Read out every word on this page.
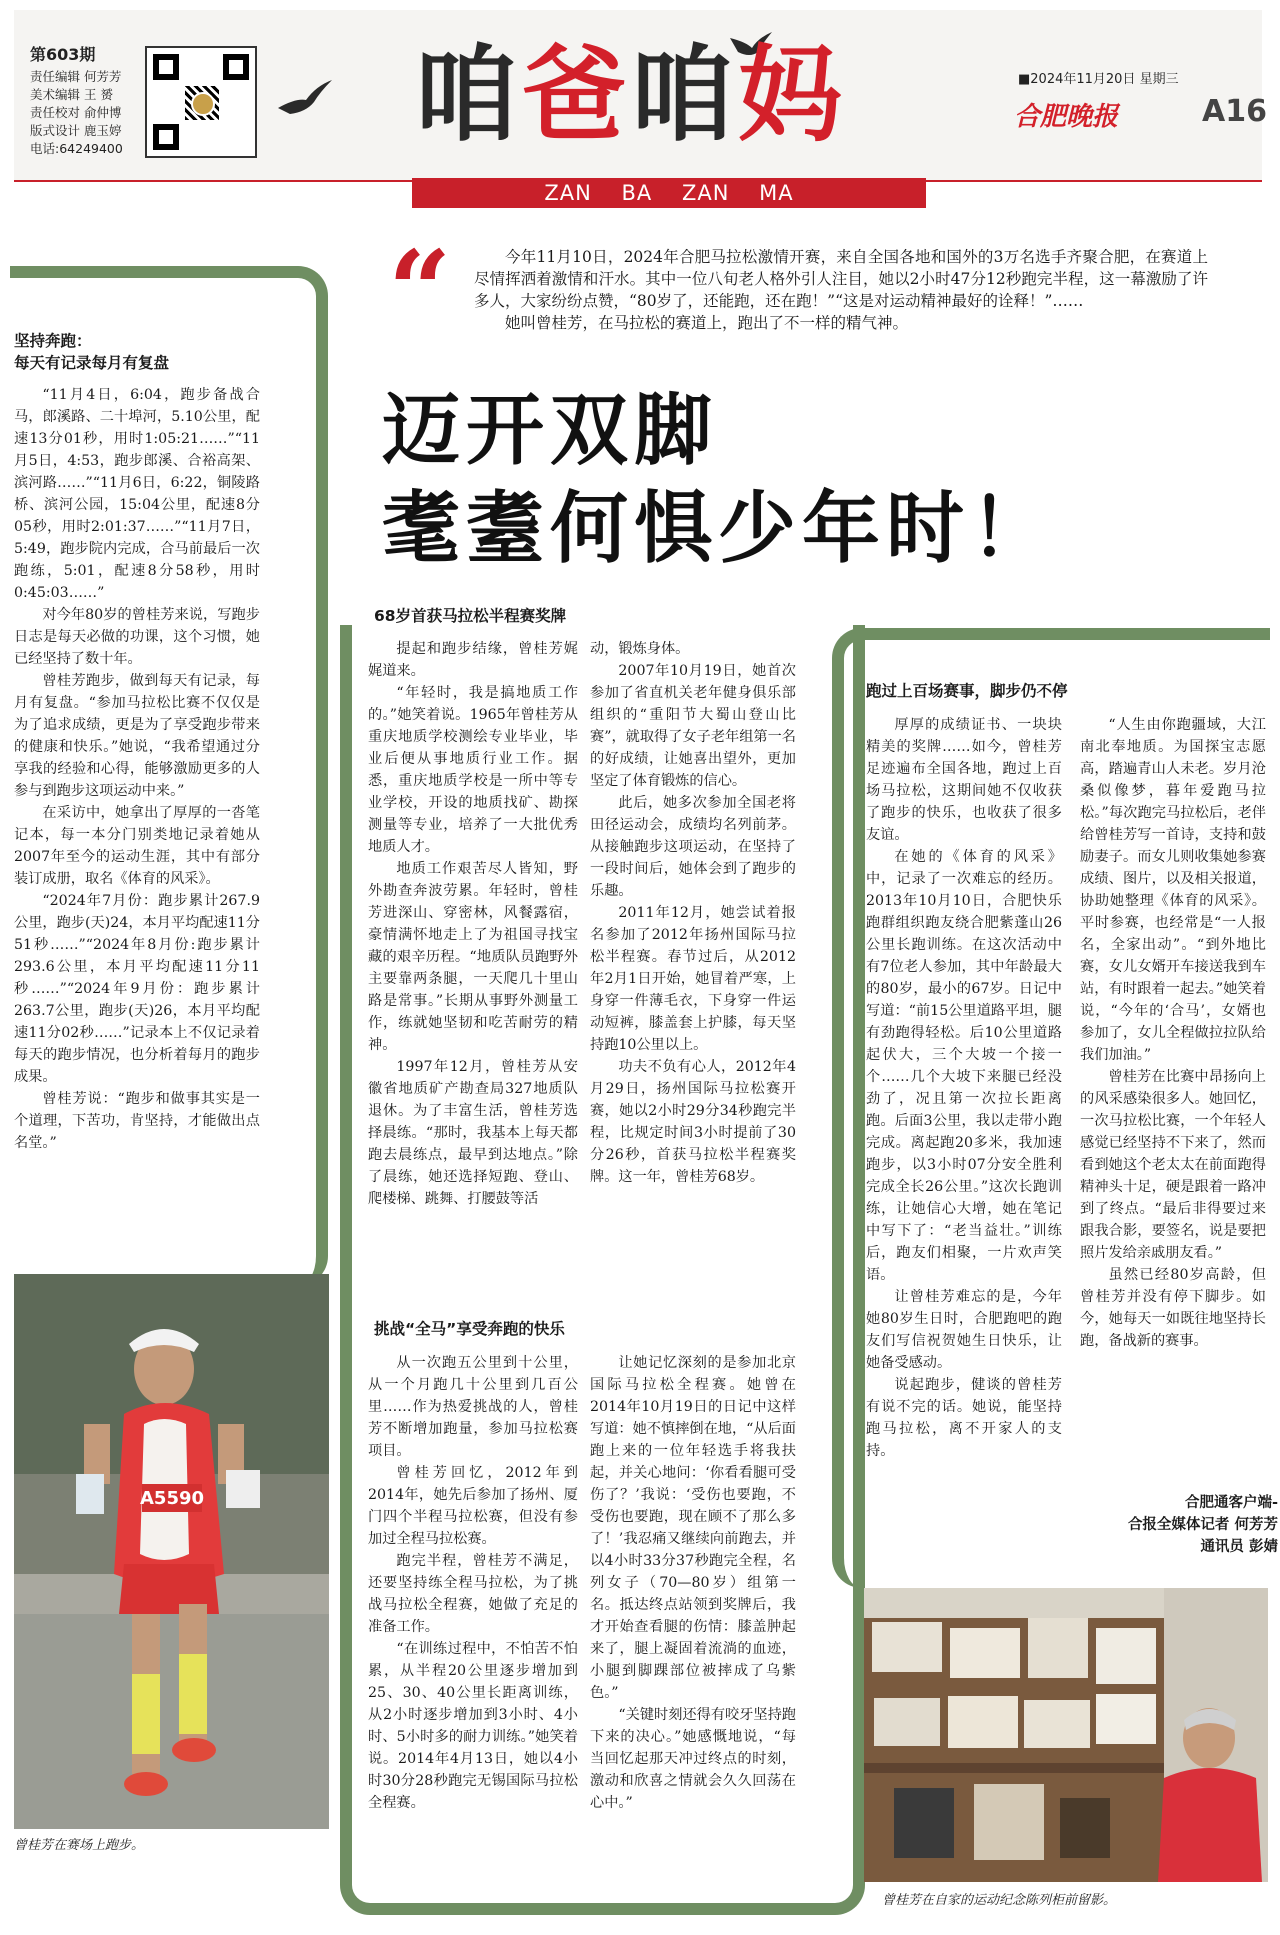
第603期
责任编辑 何芳芳
美术编辑 王 赟
责任校对 俞仲博
版式设计 鹿玉婷
电话:64249400	咱爸咱妈	■2024年11月20日 星期三
合肥晚报	A16
ZAN BA ZAN MA
“	今年11月10日，2024年合肥马拉松激情开赛，来自全国各地和国外的3万名选手齐聚合肥，在赛道上尽情挥洒着激情和汗水。其中一位八旬老人格外引人注目，她以2小时47分12秒跑完半程，这一幕激励了许多人，大家纷纷点赞，“80岁了，还能跑，还在跑！”“这是对运动精神最好的诠释！”……

她叫曾桂芳，在马拉松的赛道上，跑出了不一样的精气神。

迈开双脚
耄耋何惧少年时！
坚持奔跑：
每天有记录每月有复盘

“11月4日，6:04，跑步备战合马，郎溪路、二十埠河，5.10公里，配速13分01秒，用时1:05:21……”“11月5日，4:53，跑步郎溪、合裕高架、滨河路……”“11月6日，6:22，铜陵路桥、滨河公园，15:04公里，配速8分05秒，用时2:01:37……”“11月7日，5:49，跑步院内完成，合马前最后一次跑练，5:01，配速8分58秒，用时0:45:03……”

对今年80岁的曾桂芳来说，写跑步日志是每天必做的功课，这个习惯，她已经坚持了数十年。

曾桂芳跑步，做到每天有记录，每月有复盘。“参加马拉松比赛不仅仅是为了追求成绩，更是为了享受跑步带来的健康和快乐。”她说，“我希望通过分享我的经验和心得，能够激励更多的人参与到跑步这项运动中来。”

在采访中，她拿出了厚厚的一沓笔记本，每一本分门别类地记录着她从2007年至今的运动生涯，其中有部分装订成册，取名《体育的风采》。

“2024年7月份：跑步累计267.9公里，跑步(天)24，本月平均配速11分51秒……”“2024年8月份:跑步累计293.6公里，本月平均配速11分11秒……”“2024年9月份：跑步累计263.7公里，跑步(天)26，本月平均配速11分02秒……”记录本上不仅记录着每天的跑步情况，也分析着每月的跑步成果。

曾桂芳说：“跑步和做事其实是一个道理，下苦功，肯坚持，才能做出点名堂。”

68岁首获马拉松半程赛奖牌

提起和跑步结缘，曾桂芳娓娓道来。

“年轻时，我是搞地质工作的。”她笑着说。1965年曾桂芳从重庆地质学校测绘专业毕业，毕业后便从事地质行业工作。据悉，重庆地质学校是一所中等专业学校，开设的地质找矿、勘探测量等专业，培养了一大批优秀地质人才。

地质工作艰苦尽人皆知，野外勘查奔波劳累。年轻时，曾桂芳进深山、穿密林，风餐露宿，豪情满怀地走上了为祖国寻找宝藏的艰辛历程。“地质队员跑野外主要靠两条腿，一天爬几十里山路是常事。”长期从事野外测量工作，练就她坚韧和吃苦耐劳的精神。

1997年12月，曾桂芳从安徽省地质矿产勘查局327地质队退休。为了丰富生活，曾桂芳选择晨练。“那时，我基本上每天都跑去晨练点，最早到达地点。”除了晨练，她还选择短跑、登山、爬楼梯、跳舞、打腰鼓等活

动，锻炼身体。

2007年10月19日，她首次参加了省直机关老年健身俱乐部组织的“重阳节大蜀山登山比赛”，就取得了女子老年组第一名的好成绩，让她喜出望外，更加坚定了体育锻炼的信心。

此后，她多次参加全国老将田径运动会，成绩均名列前茅。从接触跑步这项运动，在坚持了一段时间后，她体会到了跑步的乐趣。

2011年12月，她尝试着报名参加了2012年扬州国际马拉松半程赛。春节过后，从2012年2月1日开始，她冒着严寒，上身穿一件薄毛衣，下身穿一件运动短裤，膝盖套上护膝，每天坚持跑10公里以上。

功夫不负有心人，2012年4月29日，扬州国际马拉松赛开赛，她以2小时29分34秒跑完半程，比规定时间3小时提前了30分26秒，首获马拉松半程赛奖牌。这一年，曾桂芳68岁。

挑战“全马”享受奔跑的快乐

从一次跑五公里到十公里，从一个月跑几十公里到几百公里……作为热爱挑战的人，曾桂芳不断增加跑量，参加马拉松赛项目。

曾桂芳回忆，2012年到2014年，她先后参加了扬州、厦门四个半程马拉松赛，但没有参加过全程马拉松赛。

跑完半程，曾桂芳不满足，还要坚持练全程马拉松，为了挑战马拉松全程赛，她做了充足的准备工作。

“在训练过程中，不怕苦不怕累，从半程20公里逐步增加到25、30、40公里长距离训练，从2小时逐步增加到3小时、4小时、5小时多的耐力训练。”她笑着说。2014年4月13日，她以4小时30分28秒跑完无锡国际马拉松全程赛。

让她记忆深刻的是参加北京国际马拉松全程赛。她曾在2014年10月19日的日记中这样写道：她不慎摔倒在地，“从后面跑上来的一位年轻选手将我扶起，并关心地问：‘你看看腿可受伤了？’我说：‘受伤也要跑，不受伤也要跑，现在顾不了那么多了！’我忍痛又继续向前跑去，并以4小时33分37秒跑完全程，名列女子（70—80岁）组第一名。抵达终点站领到奖牌后，我才开始查看腿的伤情：膝盖肿起来了，腿上凝固着流淌的血迹，小腿到脚踝部位被摔成了乌紫色。”

“关键时刻还得有咬牙坚持跑下来的决心。”她感慨地说，“每当回忆起那天冲过终点的时刻，激动和欣喜之情就会久久回荡在心中。”

跑过上百场赛事，脚步仍不停

厚厚的成绩证书、一块块精美的奖牌……如今，曾桂芳足迹遍布全国各地，跑过上百场马拉松，这期间她不仅收获了跑步的快乐，也收获了很多友谊。

在她的《体育的风采》中，记录了一次难忘的经历。2013年10月10日，合肥快乐跑群组织跑友绕合肥紫蓬山26公里长跑训练。在这次活动中有7位老人参加，其中年龄最大的80岁，最小的67岁。日记中写道：“前15公里道路平坦，腿有劲跑得轻松。后10公里道路起伏大，三个大坡一个接一个……几个大坡下来腿已经没劲了，况且第一次拉长距离跑。后面3公里，我以走带小跑完成。离起跑20多米，我加速跑步，以3小时07分安全胜利完成全长26公里。”这次长跑训练，让她信心大增，她在笔记中写下了：“老当益壮。”训练后，跑友们相聚，一片欢声笑语。

让曾桂芳难忘的是，今年她80岁生日时，合肥跑吧的跑友们写信祝贺她生日快乐，让她备受感动。

说起跑步，健谈的曾桂芳有说不完的话。她说，能坚持跑马拉松，离不开家人的支持。

“人生由你跑疆域，大江南北奉地质。为国探宝志愿高，踏遍青山人未老。岁月沧桑似像梦，暮年爱跑马拉松。”每次跑完马拉松后，老伴给曾桂芳写一首诗，支持和鼓励妻子。而女儿则收集她参赛成绩、图片，以及相关报道，协助她整理《体育的风采》。平时参赛，也经常是“一人报名，全家出动”。“到外地比赛，女儿女婿开车接送我到车站，有时跟着一起去。”她笑着说，“今年的‘合马’，女婿也参加了，女儿全程做拉拉队给我们加油。”

曾桂芳在比赛中昂扬向上的风采感染很多人。她回忆，一次马拉松比赛，一个年轻人感觉已经坚持不下来了，然而看到她这个老太太在前面跑得精神头十足，硬是跟着一路冲到了终点。“最后非得要过来跟我合影，要签名，说是要把照片发给亲戚朋友看。”

虽然已经80岁高龄，但曾桂芳并没有停下脚步。如今，她每天一如既往地坚持长跑，备战新的赛事。

合肥通客户端-
合报全媒体记者 何芳芳
通讯员 彭婧
A5590
曾桂芳在赛场上跑步。
曾桂芳在自家的运动纪念陈列柜前留影。
